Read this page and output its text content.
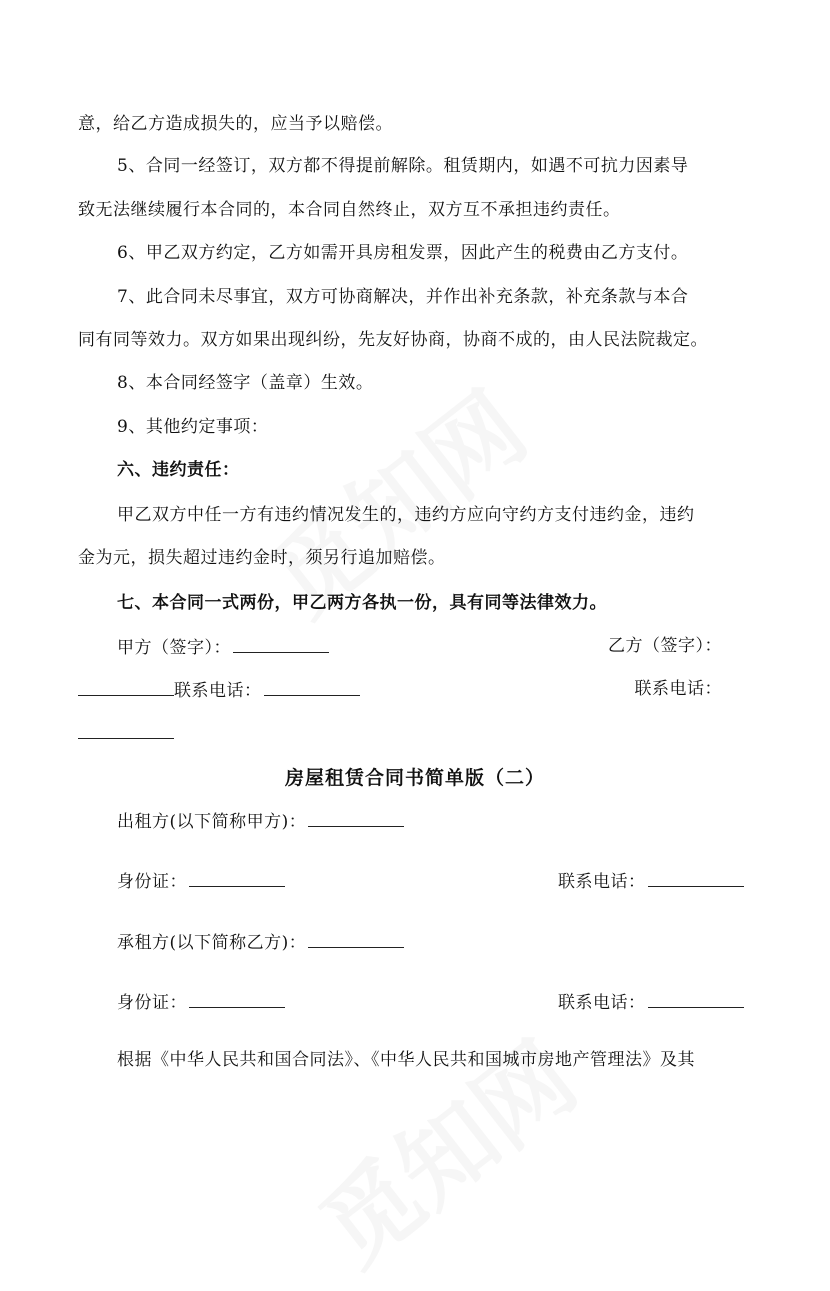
意，给乙方造成损失的，应当予以赔偿。
5、合同一经签订，双方都不得提前解除。租赁期内，如遇不可抗力因素导
致无法继续履行本合同的，本合同自然终止，双方互不承担违约责任。
6、甲乙双方约定，乙方如需开具房租发票，因此产生的税费由乙方支付。
7、此合同未尽事宜，双方可协商解决，并作出补充条款，补充条款与本合
同有同等效力。双方如果出现纠纷，先友好协商，协商不成的，由人民法院裁定。
8、本合同经签字（盖章）生效。
9、其他约定事项：
六、违约责任：
甲乙双方中任一方有违约情况发生的，违约方应向守约方支付违约金，违约
金为元，损失超过违约金时，须另行追加赔偿。
七、本合同一式两份，甲乙两方各执一份，具有同等法律效力。
甲方（签字）：	乙方（签字）：
联系电话：	联系电话：
房屋租赁合同书简单版（二）
出租方(以下简称甲方)：
身份证：	联系电话：
承租方(以下简称乙方)：
身份证：	联系电话：
根据《中华人民共和国合同法》、《中华人民共和国城市房地产管理法》及其
